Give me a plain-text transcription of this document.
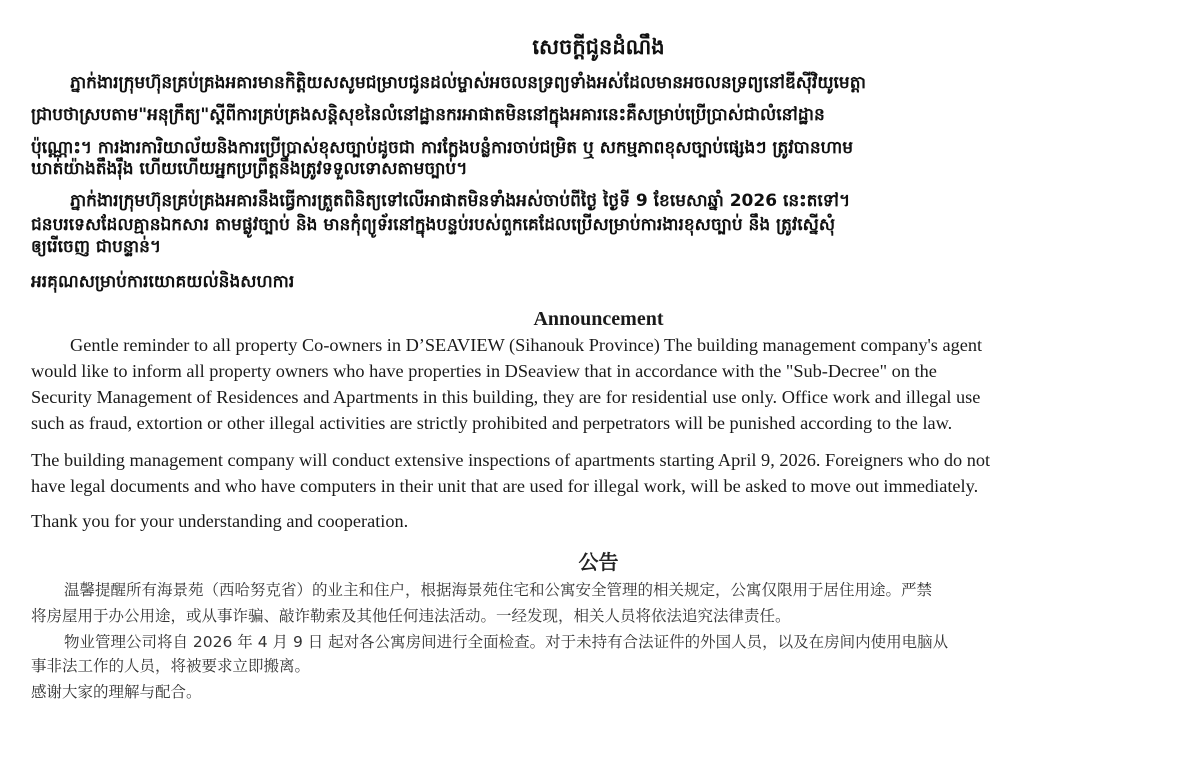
សេចក្ដីជូនដំណឹង
ភ្នាក់ងារក្រុមហ៊ុនគ្រប់គ្រងអគារមានកិត្តិយសសូមជម្រាបជូនដល់ម្ចាស់អចលនទ្រព្យទាំងអស់ដែលមានអចលនទ្រព្យនៅឌីស៊ីវិយូមេត្តា
ជ្រាបថាស្របតាម"អនុក្រឹត្យ"ស្ដីពីការគ្រប់គ្រងសន្តិសុខនៃលំនៅដ្ឋានករអាផាតមិននៅក្នុងអគារនេះគឺសម្រាប់ប្រើប្រាស់ជាលំនៅដ្ឋាន
ប៉ុណ្ណោះ។ ការងារការិយាល័យនិងការប្រើប្រាស់ខុសច្បាប់ដូចជា ការក្លែងបន្លំការចាប់ជម្រិត ឬ សកម្មភាពខុសច្បាប់ផ្សេងៗ ត្រូវបានហាម
ឃាត់យ៉ាងតឹងរ៉ឹង ហើយហើយអ្នកប្រព្រឹត្តនឹងត្រូវទទួលទោសតាមច្បាប់។
ភ្នាក់ងារក្រុមហ៊ុនគ្រប់គ្រងអគារនឹងធ្វើការត្រួតពិនិត្យទៅលើអាផាតមិនទាំងអស់ចាប់ពីថ្ងៃ ថ្ងៃទី 9 ខែមេសាឆ្នាំ 2026 នេះតទៅ។
ជនបរទេសដែលគ្មានឯកសារ តាមផ្លូវច្បាប់ និង មានកុំព្យូទ័រនៅក្នុងបន្ទប់របស់ពួកគេដែលប្រើសម្រាប់ការងារខុសច្បាប់ នឹង ត្រូវស្នើសុំ
ឲ្យរើចេញ ជាបន្ទាន់។
អរគុណសម្រាប់ការយោគយល់និងសហការ
Announcement
Gentle reminder to all property Co-owners in D’SEAVIEW (Sihanouk Province) The building management company's agent
would like to inform all property owners who have properties in DSeaview that in accordance with the "Sub-Decree" on the
Security Management of Residences and Apartments in this building, they are for residential use only. Office work and illegal use
such as fraud, extortion or other illegal activities are strictly prohibited and perpetrators will be punished according to the law.
The building management company will conduct extensive inspections of apartments starting April 9, 2026. Foreigners who do not
have legal documents and who have computers in their unit that are used for illegal work, will be asked to move out immediately.
Thank you for your understanding and cooperation.
公告
温馨提醒所有海景苑（西哈努克省）的业主和住户，根据海景苑住宅和公寓安全管理的相关规定，公寓仅限用于居住用途。严禁
将房屋用于办公用途，或从事诈骗、敲诈勒索及其他任何违法活动。一经发现，相关人员将依法追究法律责任。
物业管理公司将自 2026 年 4 月 9 日 起对各公寓房间进行全面检查。对于未持有合法证件的外国人员，以及在房间内使用电脑从
事非法工作的人员，将被要求立即搬离。
感谢大家的理解与配合。
